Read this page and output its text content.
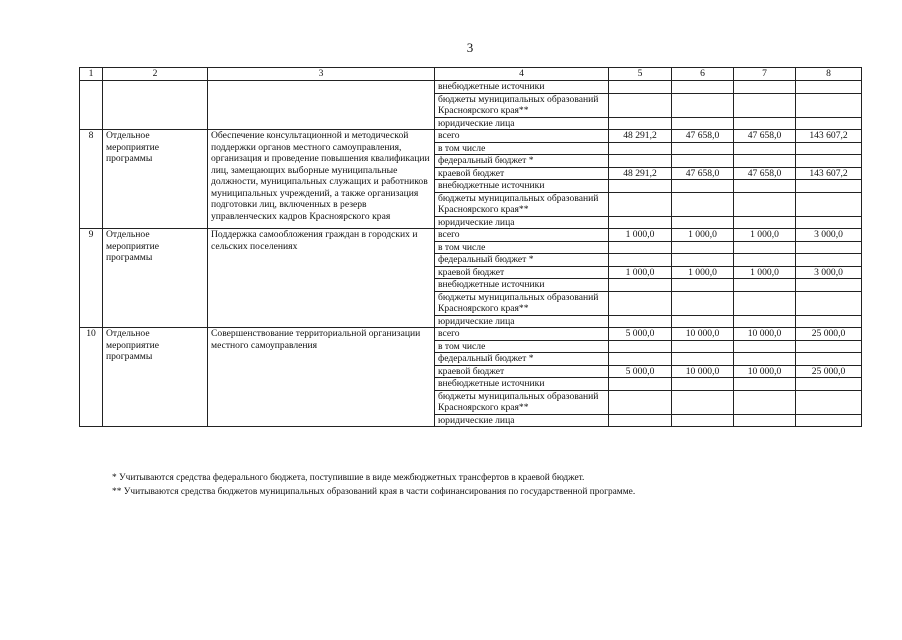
3
1	2	3	4	5	6	7	8
			внебюджетные источники				
			бюджеты муниципальных образований Красноярского края**				
			юридические лица				
8	Отдельное мероприятие программы	Обеспечение консультационной и методической поддержки органов местного самоуправления, организация и проведение повышения квалификации лиц, замещающих выборные муниципальные должности, муниципальных служащих и работников муниципальных учреждений, а также организация подготовки лиц, включенных в резерв управленческих кадров Красноярского края	всего	48 291,2	47 658,0	47 658,0	143 607,2
			в том числе				
			федеральный бюджет *				
			краевой бюджет	48 291,2	47 658,0	47 658,0	143 607,2
			внебюджетные источники				
			бюджеты муниципальных образований Красноярского края**				
			юридические лица				
9	Отдельное мероприятие программы	Поддержка самообложения граждан в городских и сельских поселениях	всего	1 000,0	1 000,0	1 000,0	3 000,0
			в том числе				
			федеральный бюджет *				
			краевой бюджет	1 000,0	1 000,0	1 000,0	3 000,0
			внебюджетные источники				
			бюджеты муниципальных образований Красноярского края**				
			юридические лица				
10	Отдельное мероприятие программы	Совершенствование территориальной организации местного самоуправления	всего	5 000,0	10 000,0	10 000,0	25 000,0
			в том числе				
			федеральный бюджет *				
			краевой бюджет	5 000,0	10 000,0	10 000,0	25 000,0
			внебюджетные источники				
			бюджеты муниципальных образований Красноярского края**				
			юридические лица				
* Учитываются средства федерального бюджета, поступившие в виде межбюджетных трансфертов в краевой бюджет.
** Учитываются средства бюджетов муниципальных образований края в части софинансирования по государственной программе.
